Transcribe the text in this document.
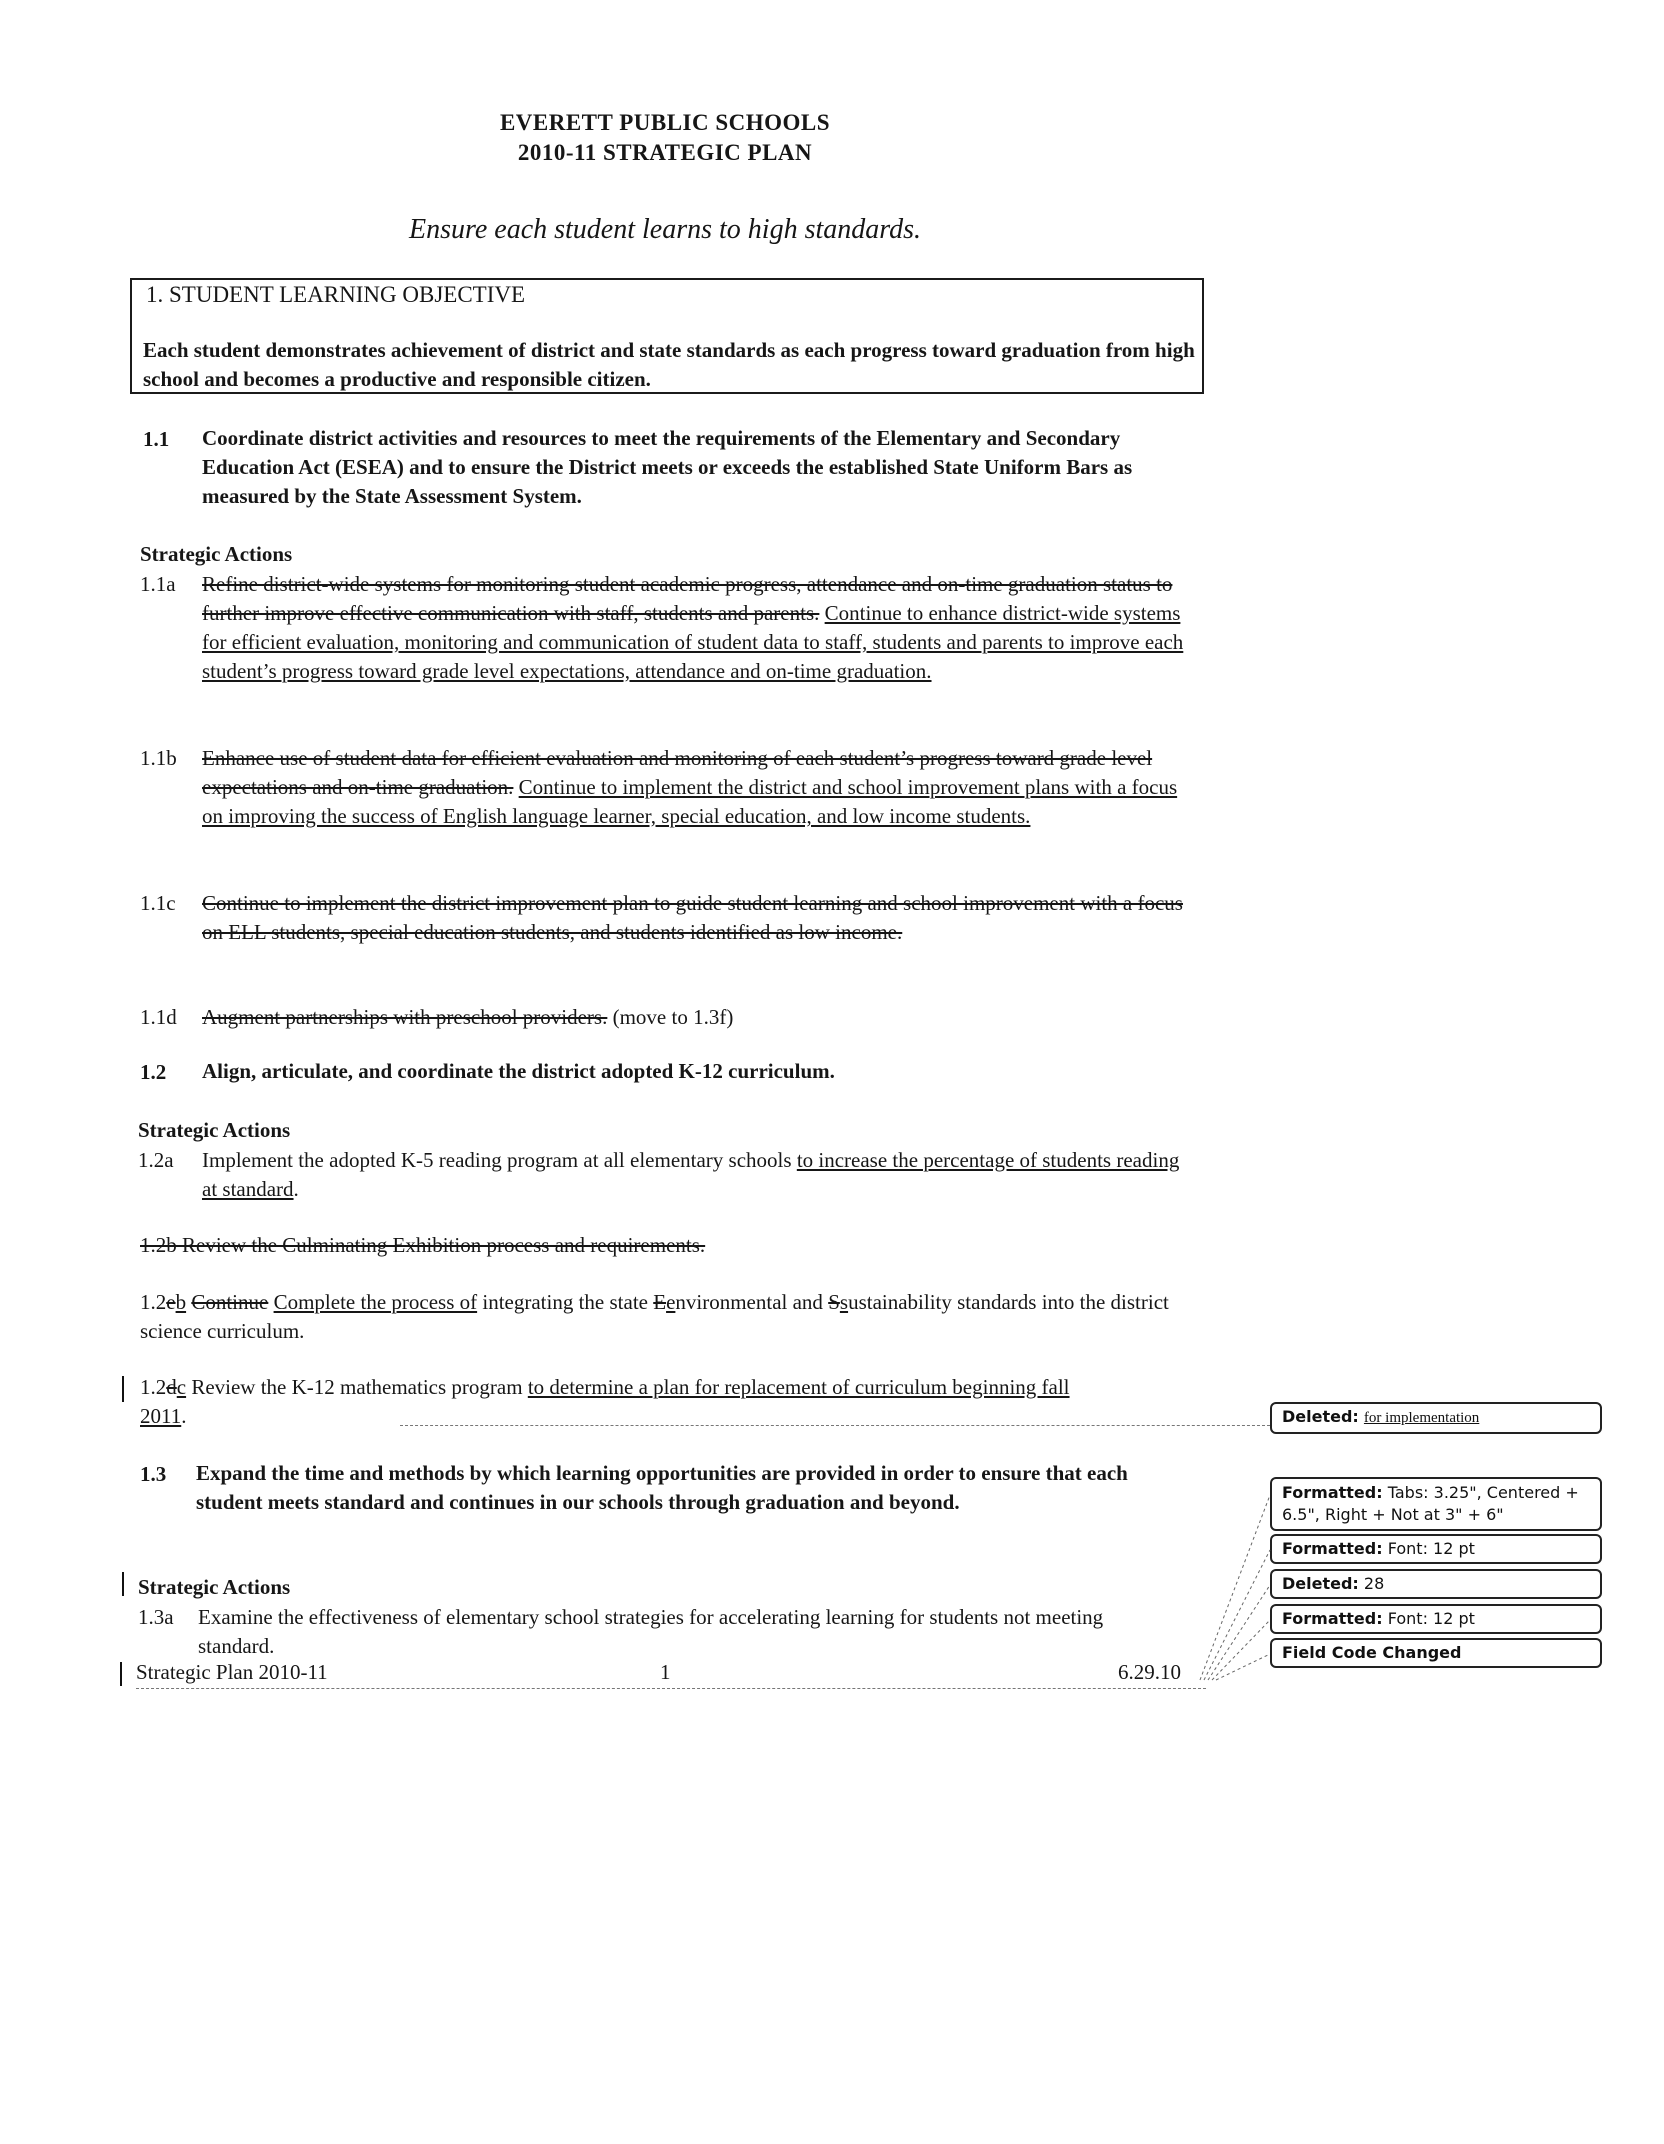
EVERETT PUBLIC SCHOOLS
2010-11 STRATEGIC PLAN
Ensure each student learns to high standards.
1. STUDENT LEARNING OBJECTIVE
Each student demonstrates achievement of district and state standards as each progress toward graduation from high school and becomes a productive and responsible citizen.
1.1 Coordinate district activities and resources to meet the requirements of the Elementary and Secondary Education Act (ESEA) and to ensure the District meets or exceeds the established State Uniform Bars as measured by the State Assessment System.
Strategic Actions
1.1a Refine district-wide systems for monitoring student academic progress, attendance and on-time graduation status to further improve effective communication with staff, students and parents. Continue to enhance district-wide systems for efficient evaluation, monitoring and communication of student data to staff, students and parents to improve each student’s progress toward grade level expectations, attendance and on-time graduation.
1.1b Enhance use of student data for efficient evaluation and monitoring of each student’s progress toward grade level expectations and on-time graduation. Continue to implement the district and school improvement plans with a focus on improving the success of English language learner, special education, and low income students.
1.1c Continue to implement the district improvement plan to guide student learning and school improvement with a focus on ELL students, special education students, and students identified as low income.
1.1d Augment partnerships with preschool providers. (move to 1.3f)
1.2 Align, articulate, and coordinate the district adopted K-12 curriculum.
Strategic Actions
1.2a Implement the adopted K-5 reading program at all elementary schools to increase the percentage of students reading at standard.
1.2b Review the Culminating Exhibition process and requirements.
1.2eb Continue Complete the process of integrating the state Eenvironmental and Ssustainability standards into the district science curriculum.
1.2dc Review the K-12 mathematics program to determine a plan for replacement of curriculum beginning fall 2011.
1.3 Expand the time and methods by which learning opportunities are provided in order to ensure that each student meets standard and continues in our schools through graduation and beyond.
Strategic Actions
1.3a Examine the effectiveness of elementary school strategies for accelerating learning for students not meeting standard.
Strategic Plan 2010-11	1	6.29.10
Deleted: for implementation
Formatted: Tabs: 3.25", Centered + 6.5", Right + Not at 3" + 6"
Formatted: Font: 12 pt
Deleted: 28
Formatted: Font: 12 pt
Field Code Changed
